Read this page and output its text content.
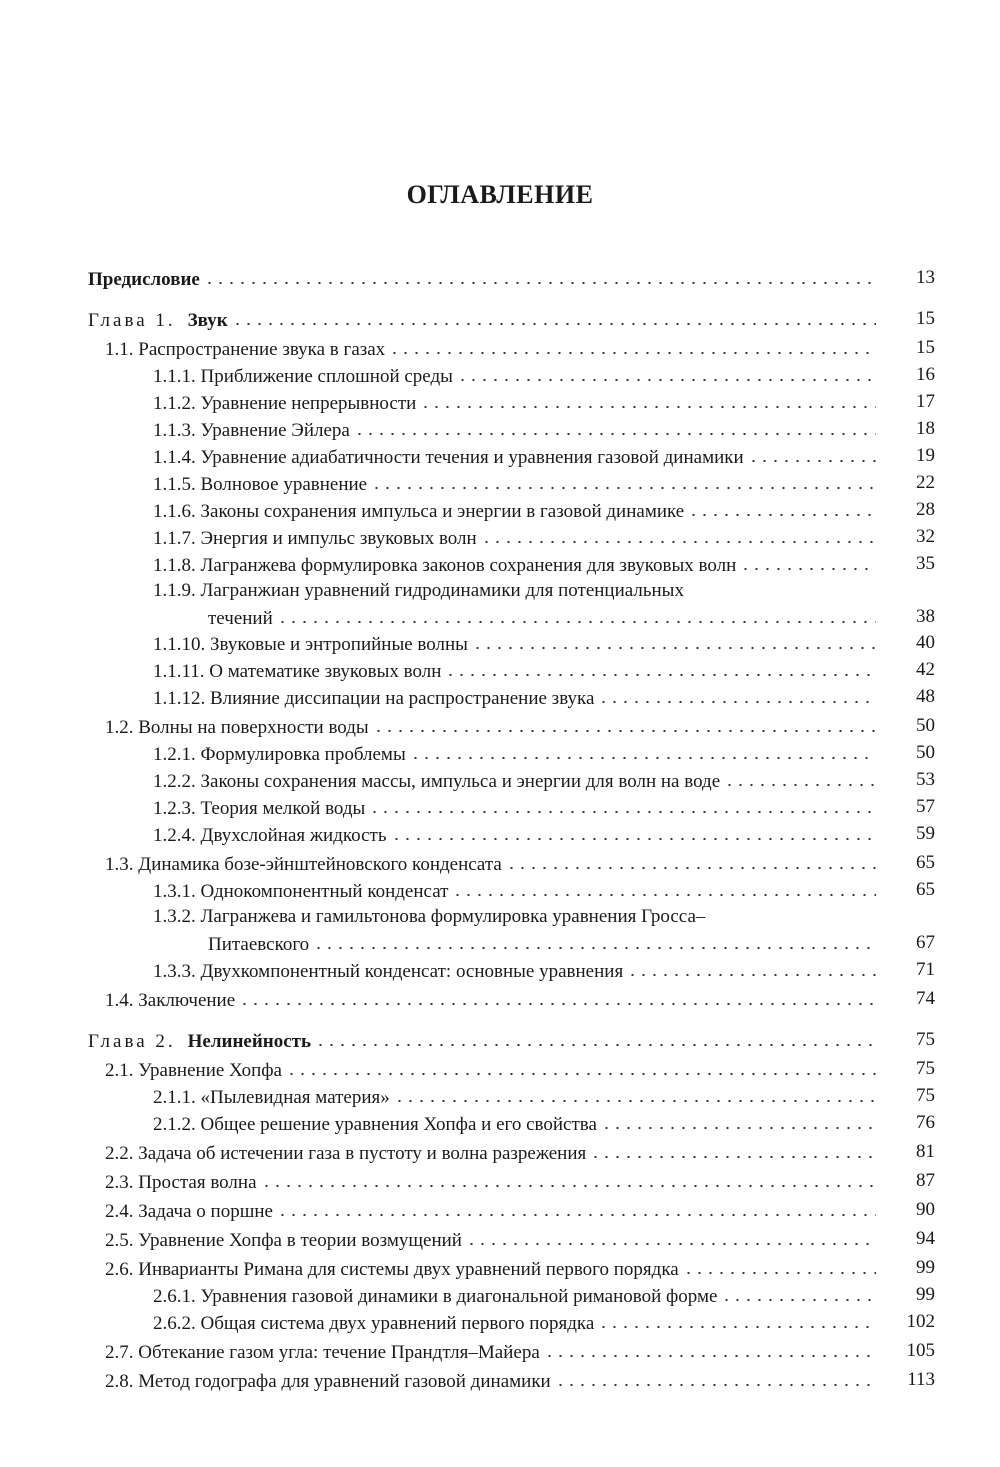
ОГЛАВЛЕНИЕ
Предисловие	13
Глава 1. Звук	15
1.1. Распространение звука в газах	15
1.1.1. Приближение сплошной среды	16
1.1.2. Уравнение непрерывности	17
1.1.3. Уравнение Эйлера	18
1.1.4. Уравнение адиабатичности течения и уравнения газовой динамики	19
1.1.5. Волновое уравнение	22
1.1.6. Законы сохранения импульса и энергии в газовой динамике	28
1.1.7. Энергия и импульс звуковых волн	32
1.1.8. Лагранжева формулировка законов сохранения для звуковых волн	35
1.1.9. Лагранжиан уравнений гидродинамики для потенциальных
течений	38
1.1.10. Звуковые и энтропийные волны	40
1.1.11. О математике звуковых волн	42
1.1.12. Влияние диссипации на распространение звука	48
1.2. Волны на поверхности воды	50
1.2.1. Формулировка проблемы	50
1.2.2. Законы сохранения массы, импульса и энергии для волн на воде	53
1.2.3. Теория мелкой воды	57
1.2.4. Двухслойная жидкость	59
1.3. Динамика бозе-эйнштейновского конденсата	65
1.3.1. Однокомпонентный конденсат	65
1.3.2. Лагранжева и гамильтонова формулировка уравнения Гросса–
Питаевского	67
1.3.3. Двухкомпонентный конденсат: основные уравнения	71
1.4. Заключение	74
Глава 2. Нелинейность	75
2.1. Уравнение Хопфа	75
2.1.1. «Пылевидная материя»	75
2.1.2. Общее решение уравнения Хопфа и его свойства	76
2.2. Задача об истечении газа в пустоту и волна разрежения	81
2.3. Простая волна	87
2.4. Задача о поршне	90
2.5. Уравнение Хопфа в теории возмущений	94
2.6. Инварианты Римана для системы двух уравнений первого порядка	99
2.6.1. Уравнения газовой динамики в диагональной римановой форме	99
2.6.2. Общая система двух уравнений первого порядка	102
2.7. Обтекание газом угла: течение Прандтля–Майера	105
2.8. Метод годографа для уравнений газовой динамики	113
